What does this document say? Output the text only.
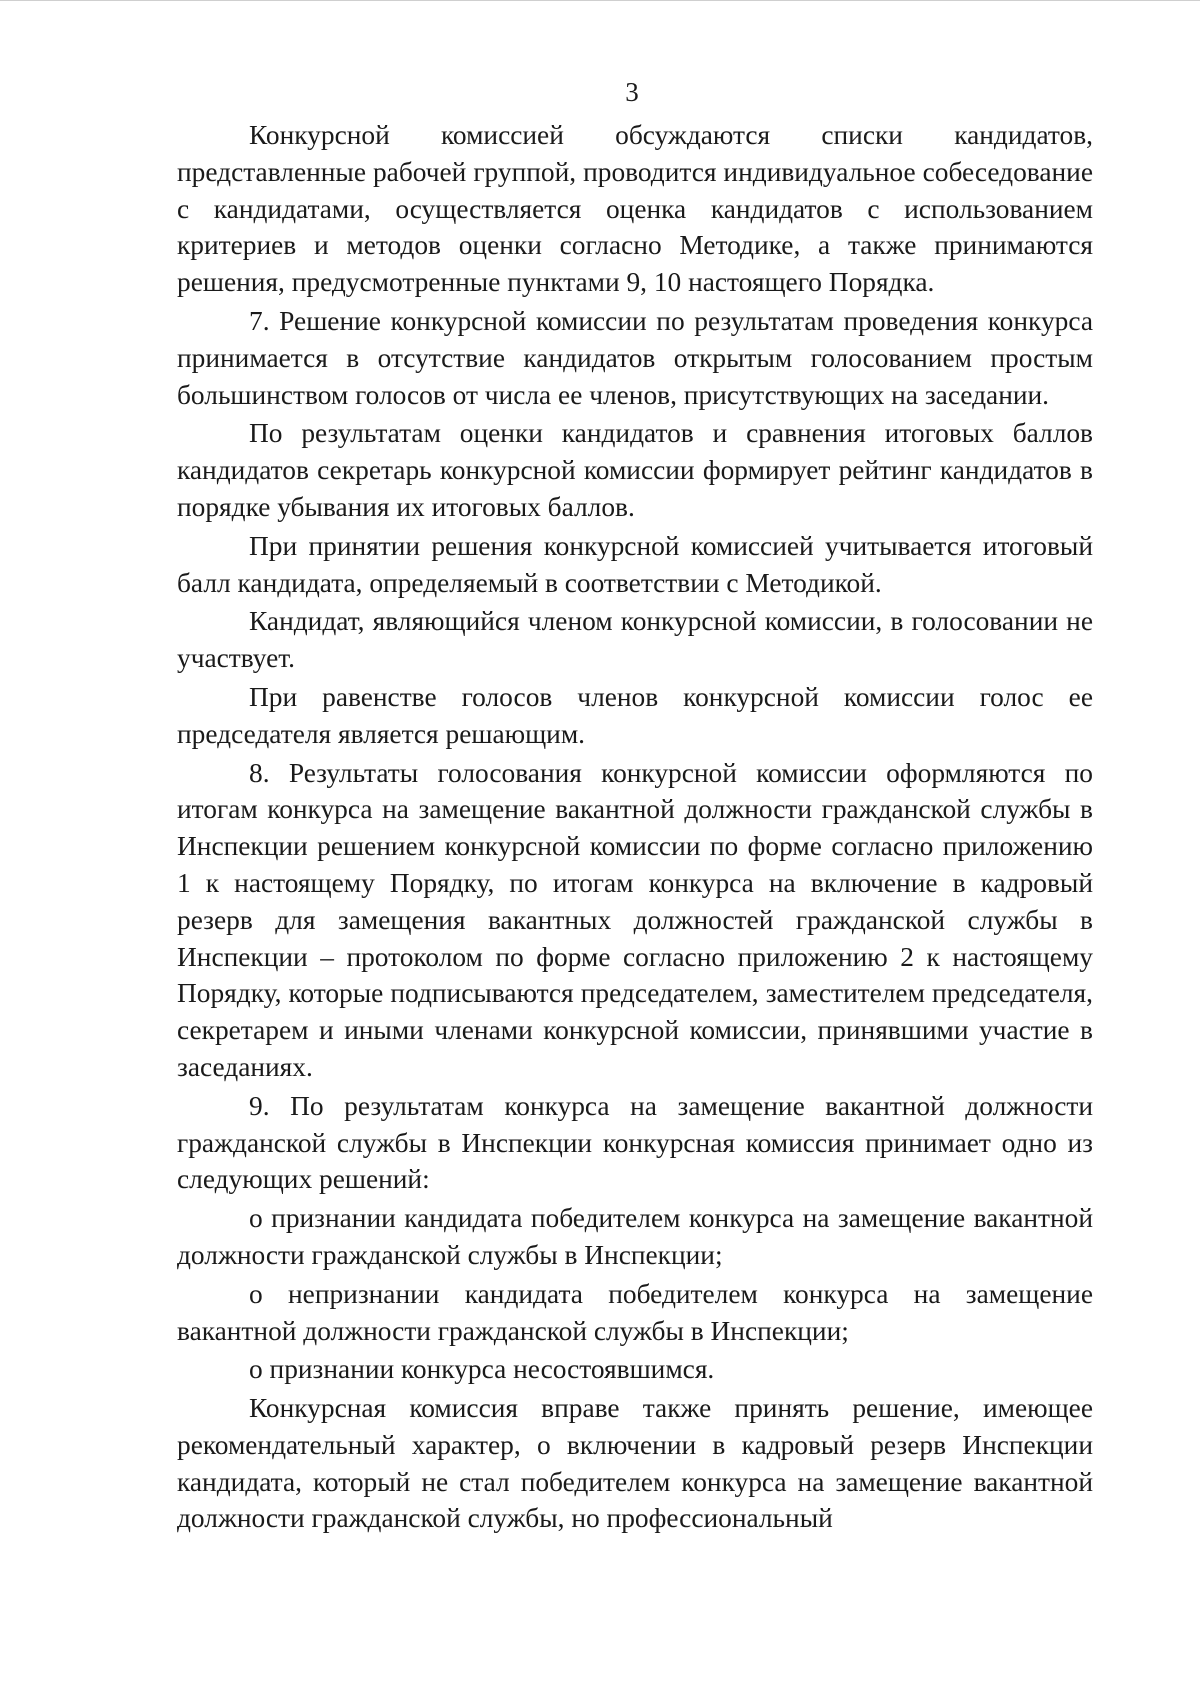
3

Конкурсной комиссией обсуждаются списки кандидатов, представленные рабочей группой, проводится индивидуальное собеседование с кандидатами, осуществляется оценка кандидатов с использованием критериев и методов оценки согласно Методике, а также принимаются решения, предусмотренные пунктами 9, 10 настоящего Порядка.

7. Решение конкурсной комиссии по результатам проведения конкурса принимается в отсутствие кандидатов открытым голосованием простым большинством голосов от числа ее членов, присутствующих на заседании.

По результатам оценки кандидатов и сравнения итоговых баллов кандидатов секретарь конкурсной комиссии формирует рейтинг кандидатов в порядке убывания их итоговых баллов.

При принятии решения конкурсной комиссией учитывается итоговый балл кандидата, определяемый в соответствии с Методикой.

Кандидат, являющийся членом конкурсной комиссии, в голосовании не участвует.

При равенстве голосов членов конкурсной комиссии голос ее председателя является решающим.

8. Результаты голосования конкурсной комиссии оформляются по итогам конкурса на замещение вакантной должности гражданской службы в Инспекции решением конкурсной комиссии по форме согласно приложению 1 к настоящему Порядку, по итогам конкурса на включение в кадровый резерв для замещения вакантных должностей гражданской службы в Инспекции – протоколом по форме согласно приложению 2 к настоящему Порядку, которые подписываются председателем, заместителем председателя, секретарем и иными членами конкурсной комиссии, принявшими участие в заседаниях.

9. По результатам конкурса на замещение вакантной должности гражданской службы в Инспекции конкурсная комиссия принимает одно из следующих решений:

о признании кандидата победителем конкурса на замещение вакантной должности гражданской службы в Инспекции;

о непризнании кандидата победителем конкурса на замещение вакантной должности гражданской службы в Инспекции;

о признании конкурса несостоявшимся.

Конкурсная комиссия вправе также принять решение, имеющее рекомендательный характер, о включении в кадровый резерв Инспекции кандидата, который не стал победителем конкурса на замещение вакантной должности гражданской службы, но профессиональный
